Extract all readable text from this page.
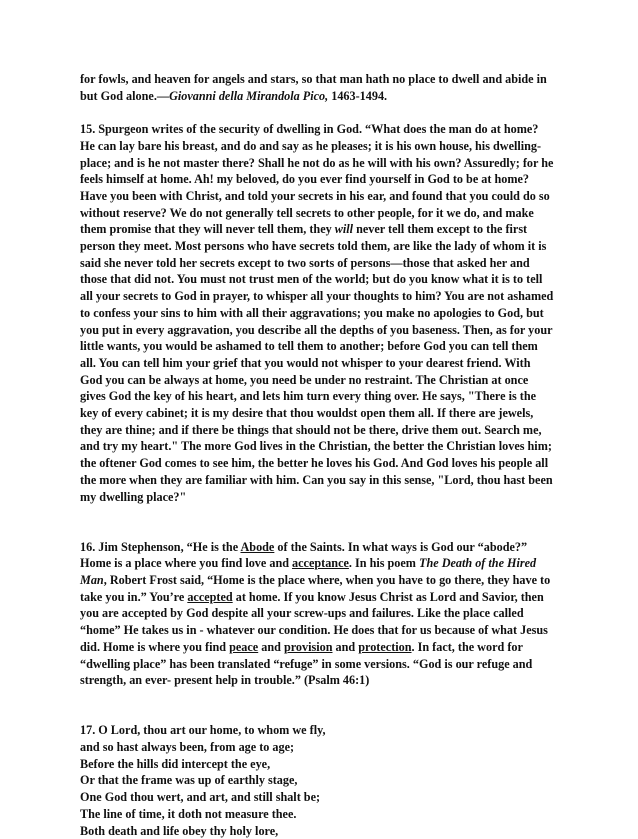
for fowls, and heaven for angels and stars, so that man hath no place to dwell and abide in
but God alone.—Giovanni della Mirandola Pico, 1463-1494.
15. Spurgeon writes of the security of dwelling in God. “What does the man do at home?
He can lay bare his breast, and do and say as he pleases; it is his own house, his dwelling-
place; and is he not master there? Shall he not do as he will with his own? Assuredly; for he
feels himself at home. Ah! my beloved, do you ever find yourself in God to be at home?
Have you been with Christ, and told your secrets in his ear, and found that you could do so
without reserve? We do not generally tell secrets to other people, for it we do, and make
them promise that they will never tell them, they will never tell them except to the first
person they meet. Most persons who have secrets told them, are like the lady of whom it is
said she never told her secrets except to two sorts of persons—those that asked her and
those that did not. You must not trust men of the world; but do you know what it is to tell
all your secrets to God in prayer, to whisper all your thoughts to him? You are not ashamed
to confess your sins to him with all their aggravations; you make no apologies to God, but
you put in every aggravation, you describe all the depths of you baseness. Then, as for your
little wants, you would be ashamed to tell them to another; before God you can tell them
all. You can tell him your grief that you would not whisper to your dearest friend. With
God you can be always at home, you need be under no restraint. The Christian at once
gives God the key of his heart, and lets him turn every thing over. He says, "There is the
key of every cabinet; it is my desire that thou wouldst open them all. If there are jewels,
they are thine; and if there be things that should not be there, drive them out. Search me,
and try my heart." The more God lives in the Christian, the better the Christian loves him;
the oftener God comes to see him, the better he loves his God. And God loves his people all
the more when they are familiar with him. Can you say in this sense, "Lord, thou hast been
my dwelling place?"
16. Jim Stephenson, “He is the Abode of the Saints. In what ways is God our “abode?”
Home is a place where you find love and acceptance. In his poem The Death of the Hired
Man, Robert Frost said, “Home is the place where, when you have to go there, they have to
take you in.” You’re accepted at home. If you know Jesus Christ as Lord and Savior, then
you are accepted by God despite all your screw-ups and failures. Like the place called
“home” He takes us in - whatever our condition. He does that for us because of what Jesus
did. Home is where you find peace and provision and protection. In fact, the word for
“dwelling place” has been translated “refuge” in some versions. “God is our refuge and
strength, an ever- present help in trouble.” (Psalm 46:1)
17. O Lord, thou art our home, to whom we fly,
and so hast always been, from age to age;
Before the hills did intercept the eye,
Or that the frame was up of earthly stage,
One God thou wert, and art, and still shalt be;
The line of time, it doth not measure thee.
Both death and life obey thy holy lore,
